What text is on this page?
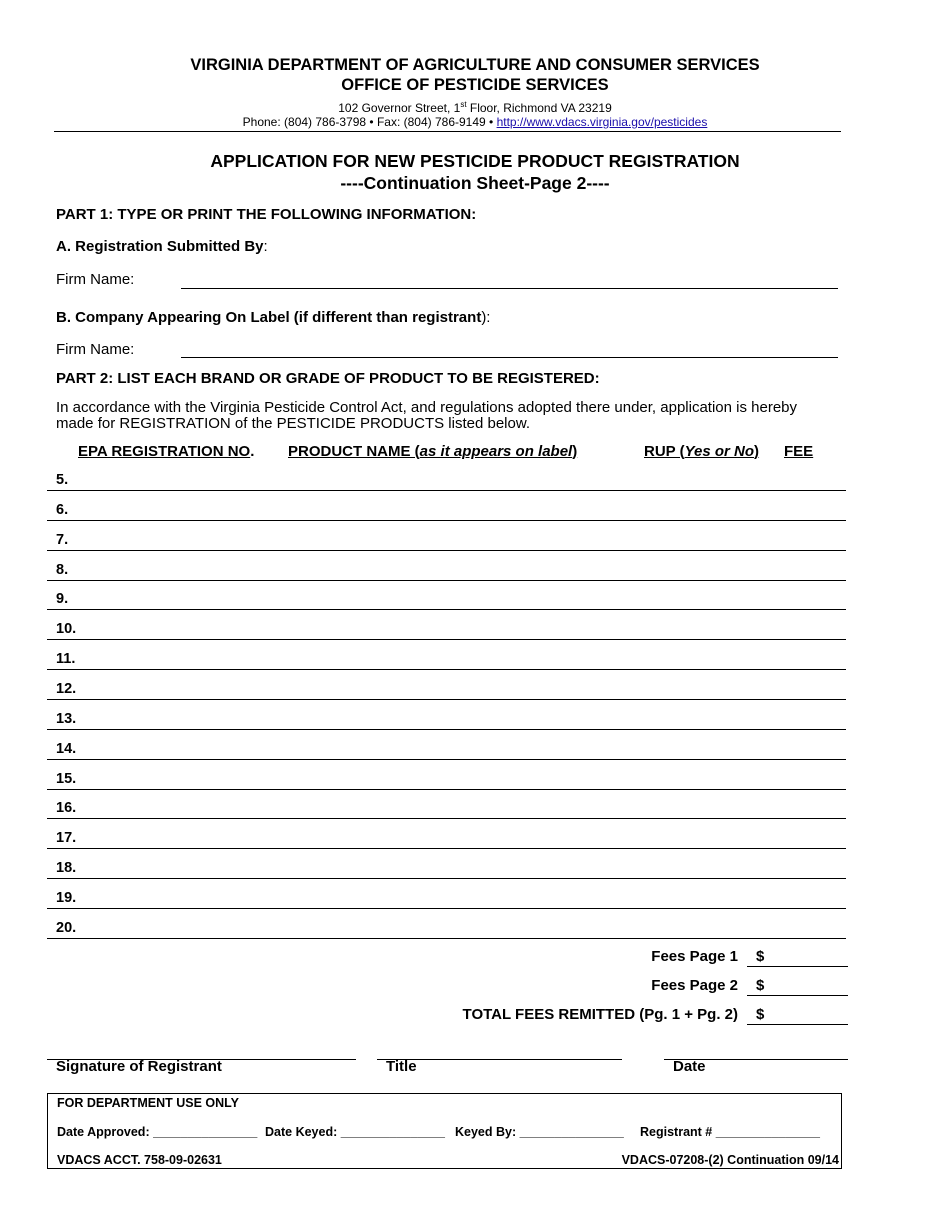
VIRGINIA DEPARTMENT OF AGRICULTURE AND CONSUMER SERVICES
OFFICE OF PESTICIDE SERVICES
102 Governor Street, 1st Floor, Richmond VA 23219
Phone: (804) 786-3798 • Fax: (804) 786-9149 • http://www.vdacs.virginia.gov/pesticides
APPLICATION FOR NEW PESTICIDE PRODUCT REGISTRATION
----Continuation Sheet-Page 2----
PART 1: TYPE OR PRINT THE FOLLOWING INFORMATION:
A. Registration Submitted By:
Firm Name:
B. Company Appearing On Label (if different than registrant):
Firm Name:
PART 2: LIST EACH BRAND OR GRADE OF PRODUCT TO BE REGISTERED:
In accordance with the Virginia Pesticide Control Act, and regulations adopted there under, application is hereby
made for REGISTRATION of the PESTICIDE PRODUCTS listed below.
EPA REGISTRATION NO. PRODUCT NAME (as it appears on label)	RUP (Yes or No) FEE
5.
6.
7.
8.
9.
10.
11.
12.
13.
14.
15.
16.
17.
18.
19.
20.
Fees Page 1 $
Fees Page 2 $
TOTAL FEES REMITTED (Pg. 1 + Pg. 2) $
Signature of Registrant	Title	Date
FOR DEPARTMENT USE ONLY
Date Approved: _______________ Date Keyed: _______________ Keyed By: _______________ Registrant # _______________
VDACS ACCT. 758-09-02631	VDACS-07208-(2) Continuation 09/14
